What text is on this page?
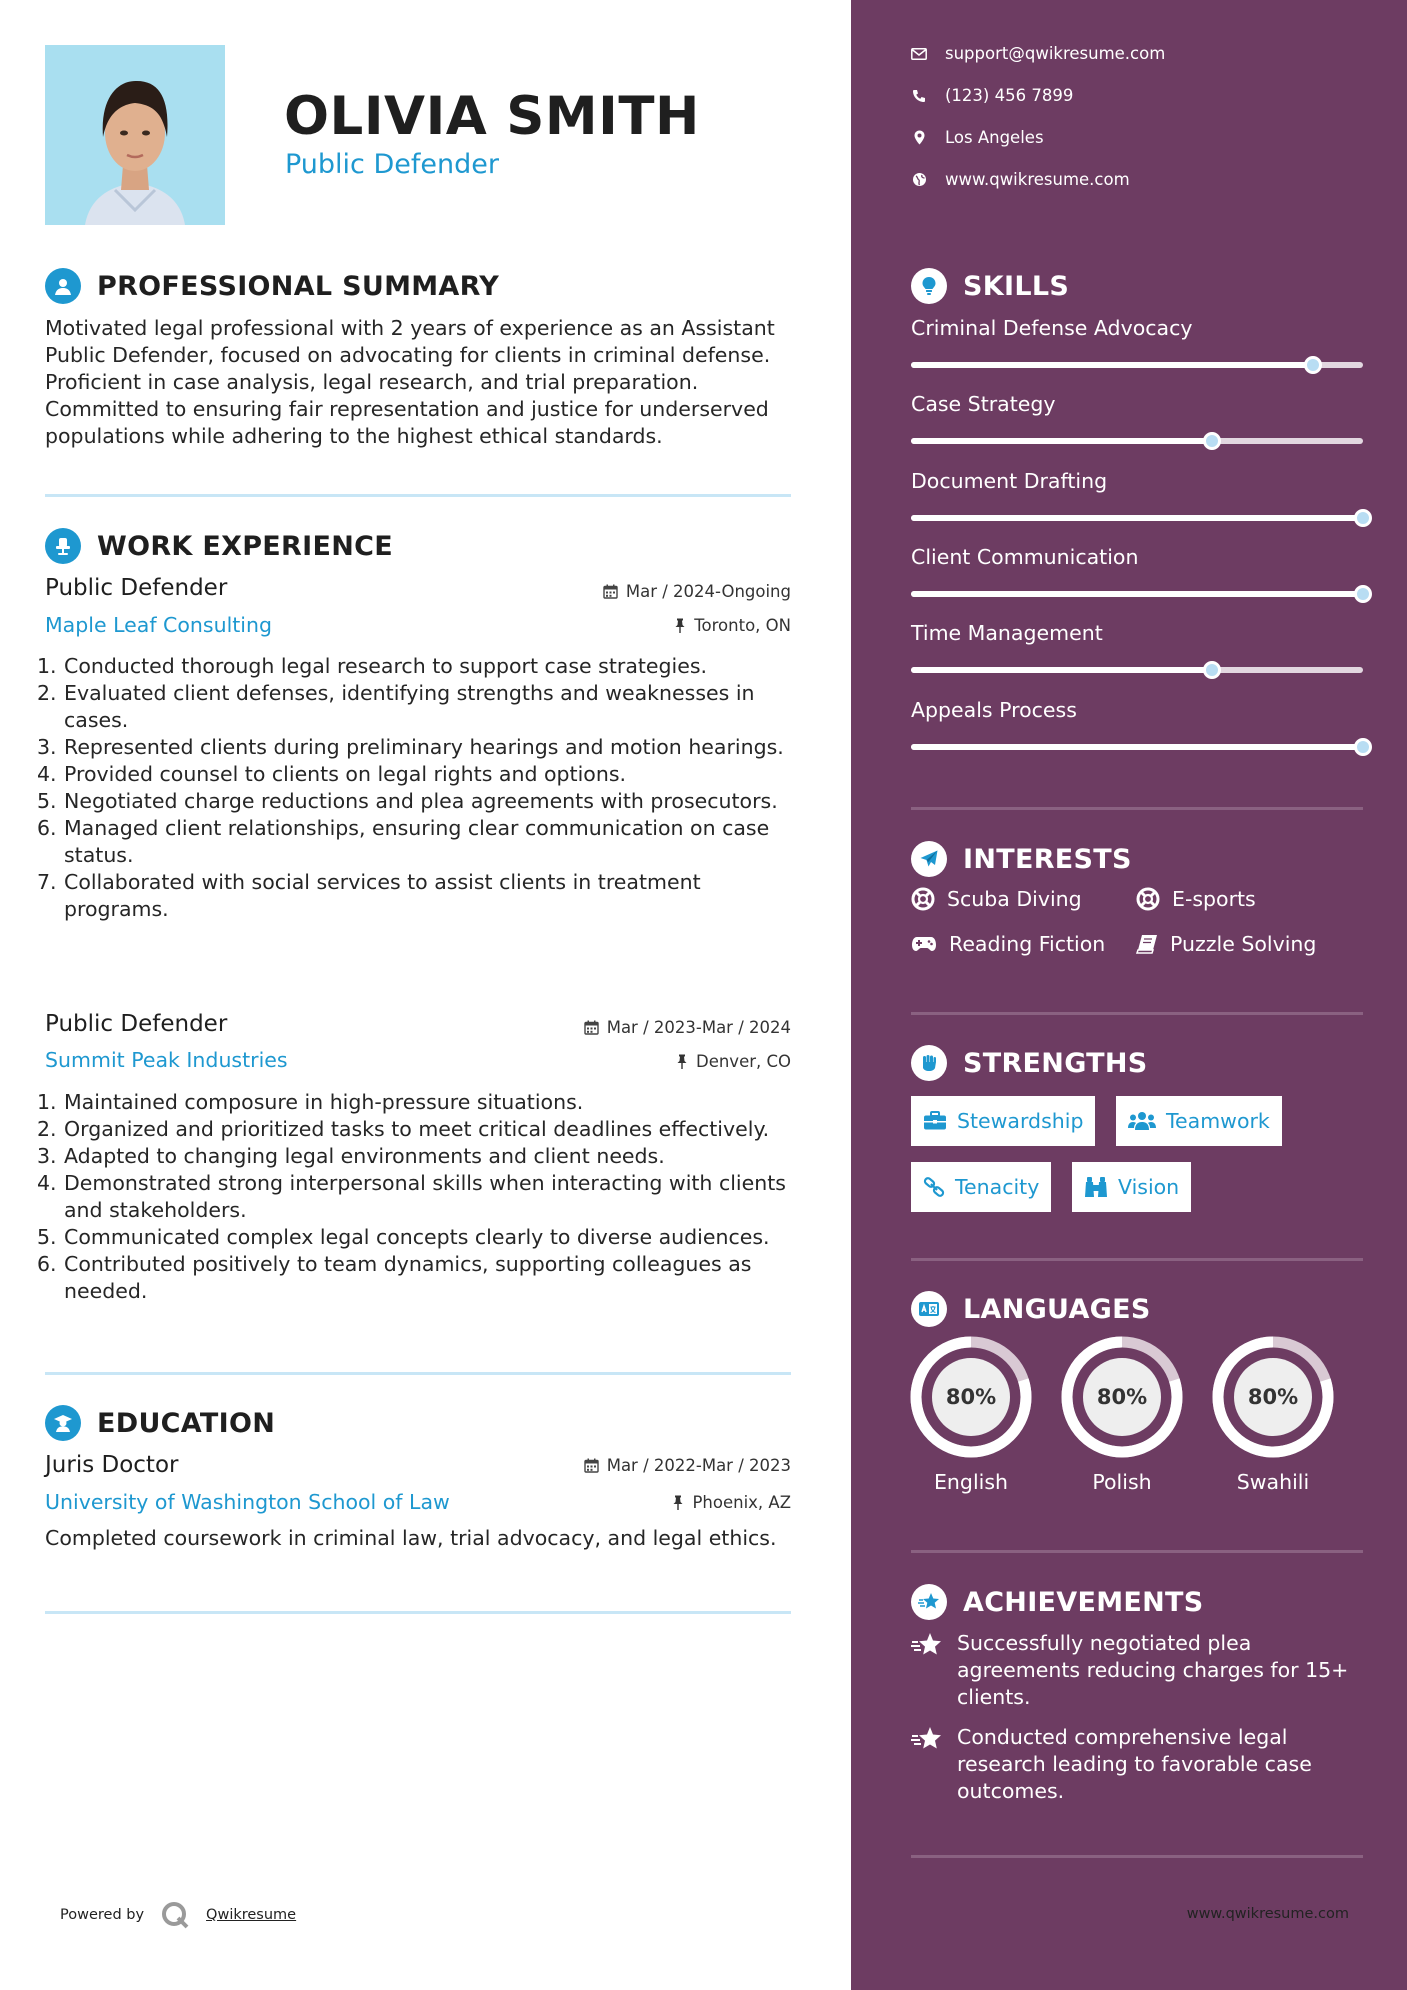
OLIVIA SMITH
Public Defender
PROFESSIONAL SUMMARY
Motivated legal professional with 2 years of experience as an Assistant Public Defender, focused on advocating for clients in criminal defense. Proficient in case analysis, legal research, and trial preparation. Committed to ensuring fair representation and justice for underserved populations while adhering to the highest ethical standards.
WORK EXPERIENCE
Public Defender	Mar / 2024-Ongoing
Maple Leaf Consulting	Toronto, ON
1. Conducted thorough legal research to support case strategies.
2. Evaluated client defenses, identifying strengths and weaknesses in cases.
3. Represented clients during preliminary hearings and motion hearings.
4. Provided counsel to clients on legal rights and options.
5. Negotiated charge reductions and plea agreements with prosecutors.
6. Managed client relationships, ensuring clear communication on case status.
7. Collaborated with social services to assist clients in treatment programs.
Public Defender	Mar / 2023-Mar / 2024
Summit Peak Industries	Denver, CO
1. Maintained composure in high-pressure situations.
2. Organized and prioritized tasks to meet critical deadlines effectively.
3. Adapted to changing legal environments and client needs.
4. Demonstrated strong interpersonal skills when interacting with clients and stakeholders.
5. Communicated complex legal concepts clearly to diverse audiences.
6. Contributed positively to team dynamics, supporting colleagues as needed.
EDUCATION
Juris Doctor	Mar / 2022-Mar / 2023
University of Washington School of Law	Phoenix, AZ
Completed coursework in criminal law, trial advocacy, and legal ethics.
Powered by	Qwikresume
support@qwikresume.com
(123) 456 7899
Los Angeles
www.qwikresume.com
SKILLS
Criminal Defense Advocacy
Case Strategy
Document Drafting
Client Communication
Time Management
Appeals Process
INTERESTS
Scuba Diving	E-sports
Reading Fiction	Puzzle Solving
STRENGTHS
Stewardship	Teamwork
Tenacity	Vision
LANGUAGES
80%
English
80%
Polish
80%
Swahili
ACHIEVEMENTS
Successfully negotiated plea agreements reducing charges for 15+ clients.
Conducted comprehensive legal research leading to favorable case outcomes.
www.qwikresume.com
